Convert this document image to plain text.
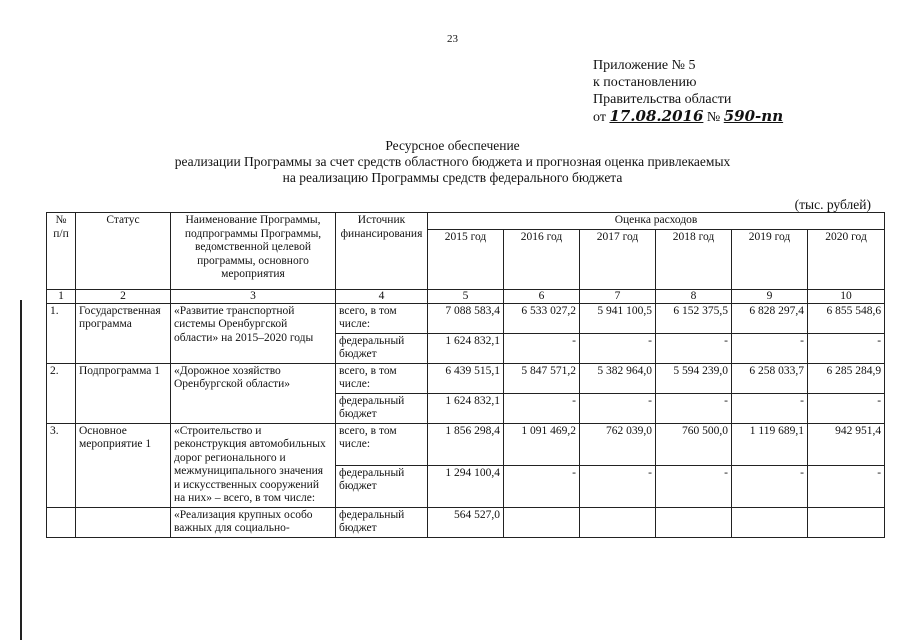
23
Приложение № 5
к постановлению
Правительства области
от 17.08.2016 № 590-пп
Ресурсное обеспечение
реализации Программы за счет средств областного бюджета и прогнозная оценка привлекаемых
на реализацию Программы средств федерального бюджета
(тыс. рублей)
№ п/п	Статус	Наименование Программы, подпрограммы Программы, ведомственной целевой программы, основного мероприятия	Источник финансирования	Оценка расходов					
				2015 год	2016 год	2017 год	2018 год	2019 год	2020 год
1	2	3	4	5	6	7	8	9	10
1.	Государственная программа	«Развитие транспортной системы Оренбургской области» на 2015–2020 годы	всего, в том числе:	7 088 583,4	6 533 027,2	5 941 100,5	6 152 375,5	6 828 297,4	6 855 548,6
			федеральный бюджет	1 624 832,1	-	-	-	-	-
2.	Подпрограмма 1	«Дорожное хозяйство Оренбургской области»	всего, в том числе:	6 439 515,1	5 847 571,2	5 382 964,0	5 594 239,0	6 258 033,7	6 285 284,9
			федеральный бюджет	1 624 832,1	-	-	-	-	-
3.	Основное мероприятие 1	«Строительство и реконструкция автомобильных дорог регионального и межмуниципального значения и искусственных сооружений на них» – всего, в том числе:	всего, в том числе:	1 856 298,4	1 091 469,2	762 039,0	760 500,0	1 119 689,1	942 951,4
			федеральный бюджет	1 294 100,4	-	-	-	-	-
		«Реализация крупных особо важных для социально-	федеральный бюджет	564 527,0					
